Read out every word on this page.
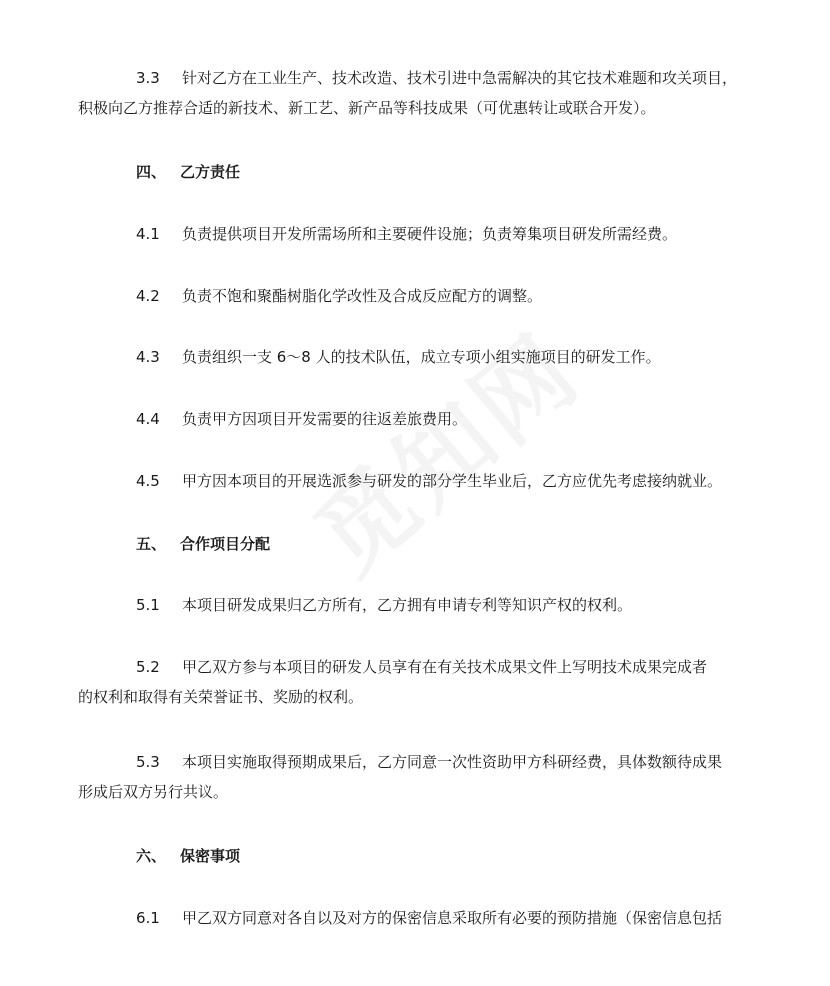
3.3 针对乙方在工业生产、技术改造、技术引进中急需解决的其它技术难题和攻关项目，
积极向乙方推荐合适的新技术、新工艺、新产品等科技成果（可优惠转让或联合开发）。
四、 乙方责任
4.1 负责提供项目开发所需场所和主要硬件设施；负责筹集项目研发所需经费。
4.2 负责不饱和聚酯树脂化学改性及合成反应配方的调整。
4.3 负责组织一支 6～8 人的技术队伍，成立专项小组实施项目的研发工作。
4.4 负责甲方因项目开发需要的往返差旅费用。
4.5 甲方因本项目的开展选派参与研发的部分学生毕业后，乙方应优先考虑接纳就业。
五、 合作项目分配
5.1 本项目研发成果归乙方所有，乙方拥有申请专利等知识产权的权利。
5.2 甲乙双方参与本项目的研发人员享有在有关技术成果文件上写明技术成果完成者
的权利和取得有关荣誉证书、奖励的权利。
5.3 本项目实施取得预期成果后，乙方同意一次性资助甲方科研经费，具体数额待成果
形成后双方另行共议。
六、 保密事项
6.1 甲乙双方同意对各自以及对方的保密信息采取所有必要的预防措施（保密信息包括
